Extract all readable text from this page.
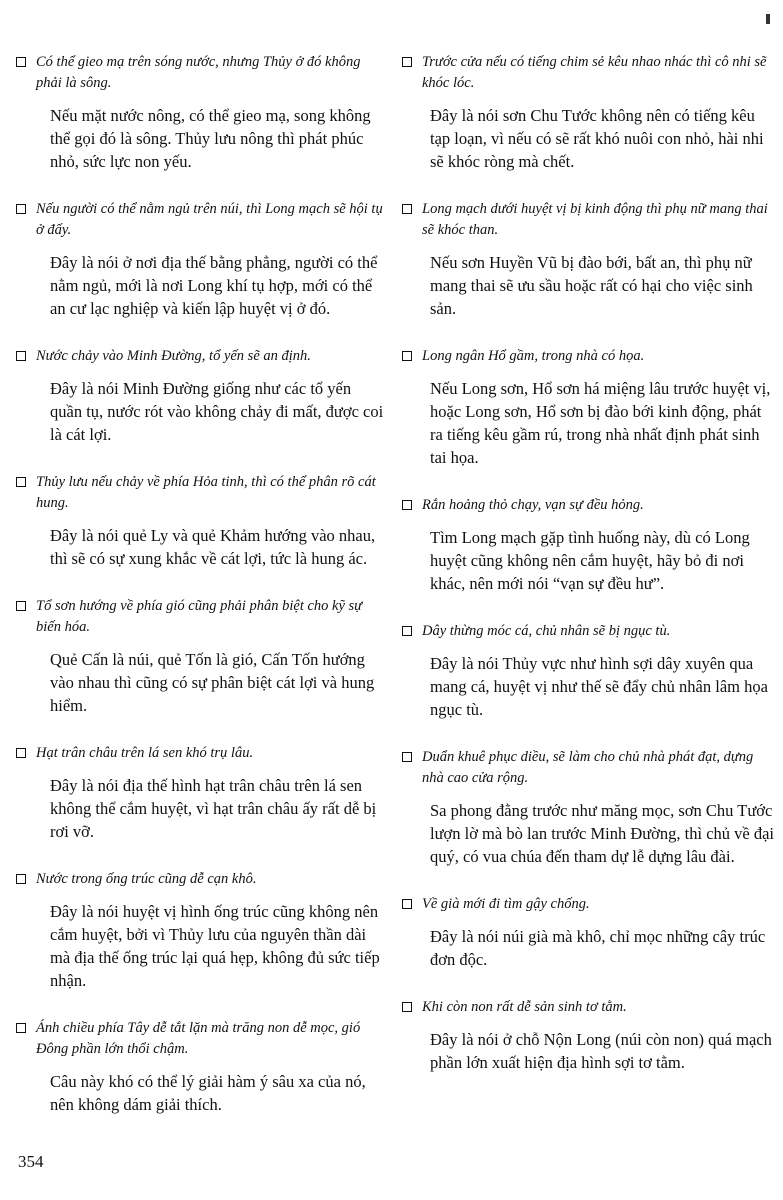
Có thể gieo mạ trên sóng nước, nhưng Thủy ở đó không phải là sông.
Nếu mặt nước nông, có thể gieo mạ, song không thể gọi đó là sông. Thủy lưu nông thì phát phúc nhỏ, sức lực non yếu.
Nếu người có thể nằm ngủ trên núi, thì Long mạch sẽ hội tụ ở đấy.
Đây là nói ở nơi địa thế bằng phẳng, người có thể nằm ngủ, mới là nơi Long khí tụ hợp, mới có thể an cư lạc nghiệp và kiến lập huyệt vị ở đó.
Nước chảy vào Minh Đường, tổ yến sẽ an định.
Đây là nói Minh Đường giống như các tổ yến quần tụ, nước rót vào không chảy đi mất, được coi là cát lợi.
Thủy lưu nếu chảy về phía Hỏa tinh, thì có thể phân rõ cát hung.
Đây là nói quẻ Ly và quẻ Khảm hướng vào nhau, thì sẽ có sự xung khắc về cát lợi, tức là hung ác.
Tổ sơn hướng về phía gió cũng phải phân biệt cho kỹ sự biến hóa.
Quẻ Cấn là núi, quẻ Tốn là gió, Cấn Tốn hướng vào nhau thì cũng có sự phân biệt cát lợi và hung hiểm.
Hạt trân châu trên lá sen khó trụ lâu.
Đây là nói địa thế hình hạt trân châu trên lá sen không thể cắm huyệt, vì hạt trân châu ấy rất dễ bị rơi vỡ.
Nước trong ống trúc cũng dễ cạn khô.
Đây là nói huyệt vị hình ống trúc cũng không nên cắm huyệt, bởi vì Thủy lưu của nguyên thần dài mà địa thế ống trúc lại quá hẹp, không đủ sức tiếp nhận.
Ánh chiều phía Tây dễ tắt lặn mà trăng non dễ mọc, gió Đông phần lớn thổi chậm.
Câu này khó có thể lý giải hàm ý sâu xa của nó, nên không dám giải thích.
Trước cửa nếu có tiếng chim sẻ kêu nhao nhác thì cô nhi sẽ khóc lóc.
Đây là nói sơn Chu Tước không nên có tiếng kêu tạp loạn, vì nếu có sẽ rất khó nuôi con nhỏ, hài nhi sẽ khóc ròng mà chết.
Long mạch dưới huyệt vị bị kinh động thì phụ nữ mang thai sẽ khóc than.
Nếu sơn Huyền Vũ bị đào bới, bất an, thì phụ nữ mang thai sẽ ưu sầu hoặc rất có hại cho việc sinh sản.
Long ngân Hổ gầm, trong nhà có họa.
Nếu Long sơn, Hổ sơn há miệng lâu trước huyệt vị, hoặc Long sơn, Hổ sơn bị đào bới kinh động, phát ra tiếng kêu gầm rú, trong nhà nhất định phát sinh tai họa.
Rắn hoảng thỏ chạy, vạn sự đều hỏng.
Tìm Long mạch gặp tình huống này, dù có Long huyệt cũng không nên cắm huyệt, hãy bỏ đi nơi khác, nên mới nói “vạn sự đều hư”.
Dây thừng móc cá, chủ nhân sẽ bị ngục tù.
Đây là nói Thủy vực như hình sợi dây xuyên qua mang cá, huyệt vị như thế sẽ đẩy chủ nhân lâm họa ngục tù.
Duẩn khuê phục diều, sẽ làm cho chủ nhà phát đạt, dựng nhà cao cửa rộng.
Sa phong đằng trước như măng mọc, sơn Chu Tước lượn lờ mà bò lan trước Minh Đường, thì chủ về đại quý, có vua chúa đến tham dự lễ dựng lâu đài.
Về già mới đi tìm gậy chống.
Đây là nói núi già mà khô, chỉ mọc những cây trúc đơn độc.
Khi còn non rất dễ sản sinh tơ tằm.
Đây là nói ở chỗ Nộn Long (núi còn non) quá mạch phần lớn xuất hiện địa hình sợi tơ tằm.
354
